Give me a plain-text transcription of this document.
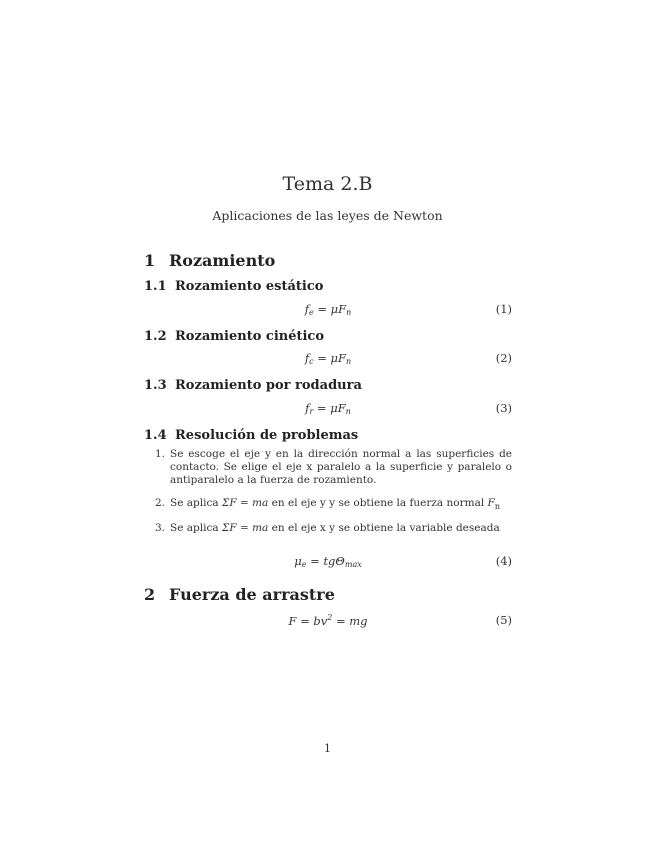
Tema 2.B
Aplicaciones de las leyes de Newton
1 Rozamiento
1.1 Rozamiento estático
$f_e = \mu F_n$	(1)
1.2 Rozamiento cinético
$f_c = \mu F_n$	(2)
1.3 Rozamiento por rodadura
$f_r = \mu F_n$	(3)
1.4 Resolución de problemas
1. Se escoge el eje y en la dirección normal a las superficies de contacto. Se elige el eje x paralelo a la superficie y paralelo o antiparalelo a la fuerza de rozamiento.
2. Se aplica ΣF = ma en el eje y y se obtiene la fuerza normal $F_n$
3. Se aplica ΣF = ma en el eje x y se obtiene la variable deseada
$\mu_e = tg\Theta_{max}$	(4)
2 Fuerza de arrastre
$F = bv^2$ = mg	(5)
1
